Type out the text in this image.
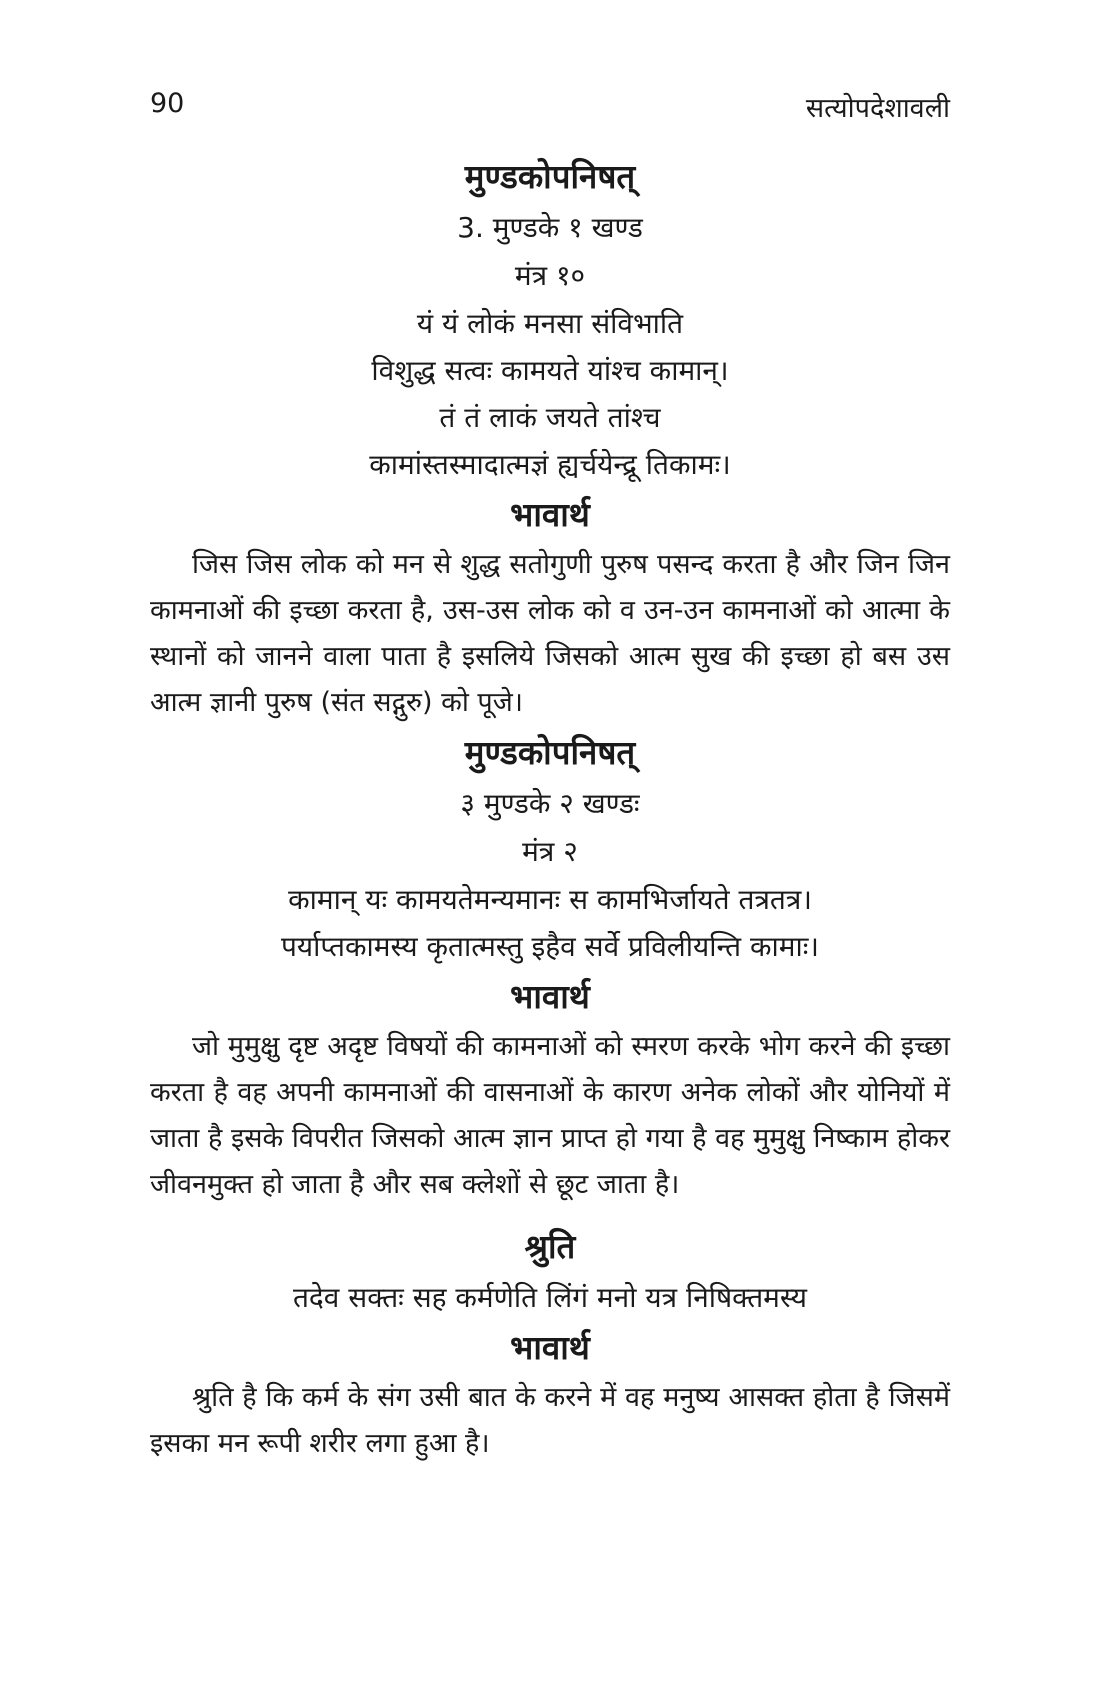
90	सत्योपदेशावली
मुण्डकोपनिषत्
3. मुण्डके १ खण्ड
मंत्र १०
यं यं लोकं मनसा संविभाति
विशुद्ध सत्वः कामयते यांश्च कामान्।
तं तं लाकं जयते तांश्च
कामांस्तस्मादात्मज्ञं ह्यर्चयेन्द्रू तिकामः।
भावार्थ

जिस जिस लोक को मन से शुद्ध सतोगुणी पुरुष पसन्द करता है और जिन जिन कामनाओं की इच्छा करता है, उस-उस लोक को व उन-उन कामनाओं को आत्मा के स्थानों को जानने वाला पाता है इसलिये जिसको आत्म सुख की इच्छा हो बस उस आत्म ज्ञानी पुरुष (संत सद्गुरु) को पूजे।

मुण्डकोपनिषत्
३ मुण्डके २ खण्डः
मंत्र २
कामान् यः कामयतेमन्यमानः स कामभिर्जायते तत्रतत्र।
पर्याप्तकामस्य कृतात्मस्तु इहैव सर्वे प्रविलीयन्ति कामाः।
भावार्थ

जो मुमुक्षु दृष्ट अदृष्ट विषयों की कामनाओं को स्मरण करके भोग करने की इच्छा करता है वह अपनी कामनाओं की वासनाओं के कारण अनेक लोकों और योनियों में जाता है इसके विपरीत जिसको आत्म ज्ञान प्राप्त हो गया है वह मुमुक्षु निष्काम होकर जीवनमुक्त हो जाता है और सब क्लेशों से छूट जाता है।

श्रुति
तदेव सक्तः सह कर्मणेति लिंगं मनो यत्र निषिक्तमस्य
भावार्थ

श्रुति है कि कर्म के संग उसी बात के करने में वह मनुष्य आसक्त होता है जिसमें इसका मन रूपी शरीर लगा हुआ है।
